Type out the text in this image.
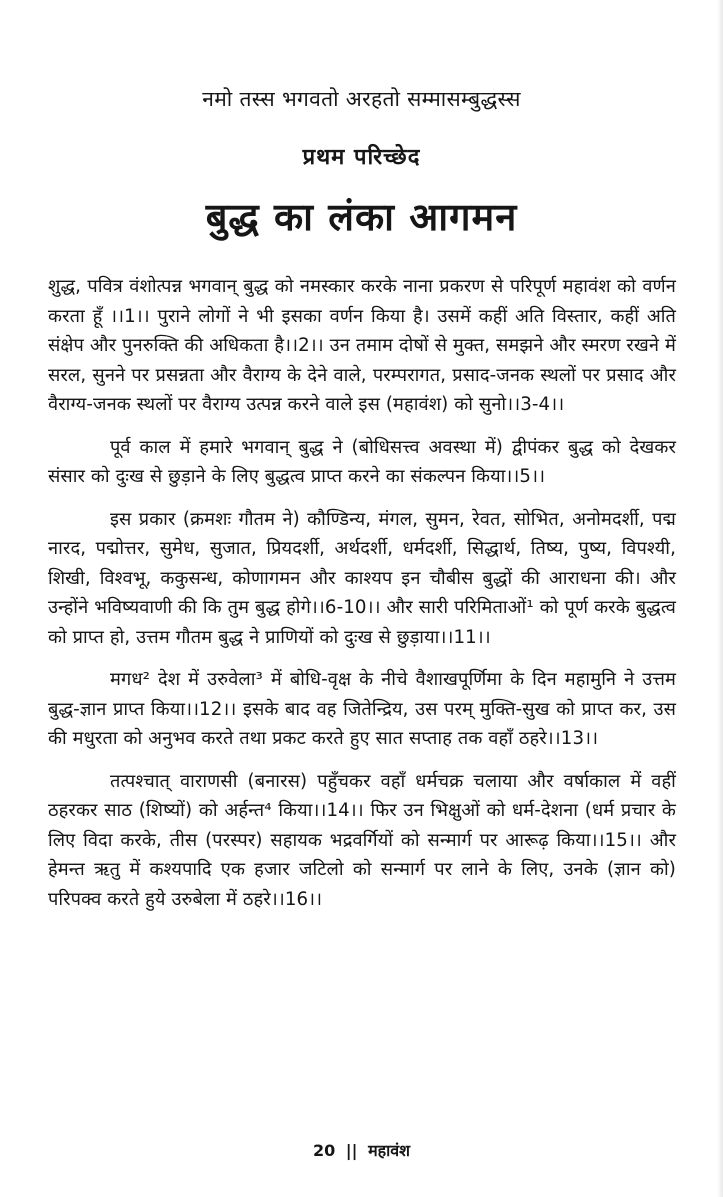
नमो तस्स भगवतो अरहतो सम्मासम्बुद्धस्स
प्रथम परिच्छेद
बुद्ध का लंका आगमन

शुद्ध, पवित्र वंशोत्पन्न भगवान् बुद्ध को नमस्कार करके नाना प्रकरण से परिपूर्ण महावंश को वर्णन करता हूँ ।।1।। पुराने लोगों ने भी इसका वर्णन किया है। उसमें कहीं अति विस्तार, कहीं अति संक्षेप और पुनरुक्ति की अधिकता है।।2।। उन तमाम दोषों से मुक्त, समझने और स्मरण रखने में सरल, सुनने पर प्रसन्नता और वैराग्य के देने वाले, परम्परागत, प्रसाद-जनक स्थलों पर प्रसाद और वैराग्य-जनक स्थलों पर वैराग्य उत्पन्न करने वाले इस (महावंश) को सुनो।।3-4।।

पूर्व काल में हमारे भगवान् बुद्ध ने (बोधिसत्त्व अवस्था में) द्वीपंकर बुद्ध को देखकर संसार को दुःख से छुड़ाने के लिए बुद्धत्व प्राप्त करने का संकल्पन किया।।5।।

इस प्रकार (क्रमशः गौतम ने) कौण्डिन्य, मंगल, सुमन, रेवत, सोभित, अनोमदर्शी, पद्म नारद, पद्मोत्तर, सुमेध, सुजात, प्रियदर्शी, अर्थदर्शी, धर्मदर्शी, सिद्धार्थ, तिष्य, पुष्य, विपश्यी, शिखी, विश्वभू, ककुसन्ध, कोणागमन और काश्यप इन चौबीस बुद्धों की आराधना की। और उन्होंने भविष्यवाणी की कि तुम बुद्ध होगे।।6-10।। और सारी परिमिताओं¹ को पूर्ण करके बुद्धत्व को प्राप्त हो, उत्तम गौतम बुद्ध ने प्राणियों को दुःख से छुड़ाया।।11।।

मगध² देश में उरुवेला³ में बोधि-वृक्ष के नीचे वैशाखपूर्णिमा के दिन महामुनि ने उत्तम बुद्ध-ज्ञान प्राप्त किया।।12।। इसके बाद वह जितेन्द्रिय, उस परम् मुक्ति-सुख को प्राप्त कर, उस की मधुरता को अनुभव करते तथा प्रकट करते हुए सात सप्ताह तक वहाँ ठहरे।।13।।

तत्पश्चात् वाराणसी (बनारस) पहुँचकर वहाँ धर्मचक्र चलाया और वर्षाकाल में वहीं ठहरकर साठ (शिष्यों) को अर्हन्त⁴ किया।।14।। फिर उन भिक्षुओं को धर्म-देशना (धर्म प्रचार के लिए विदा करके, तीस (परस्पर) सहायक भद्रवर्गियों को सन्मार्ग पर आरूढ़ किया।।15।। और हेमन्त ऋतु में कश्यपादि एक हजार जटिलो को सन्मार्ग पर लाने के लिए, उनके (ज्ञान को) परिपक्व करते हुये उरुबेला में ठहरे।।16।।

20 || महावंश
